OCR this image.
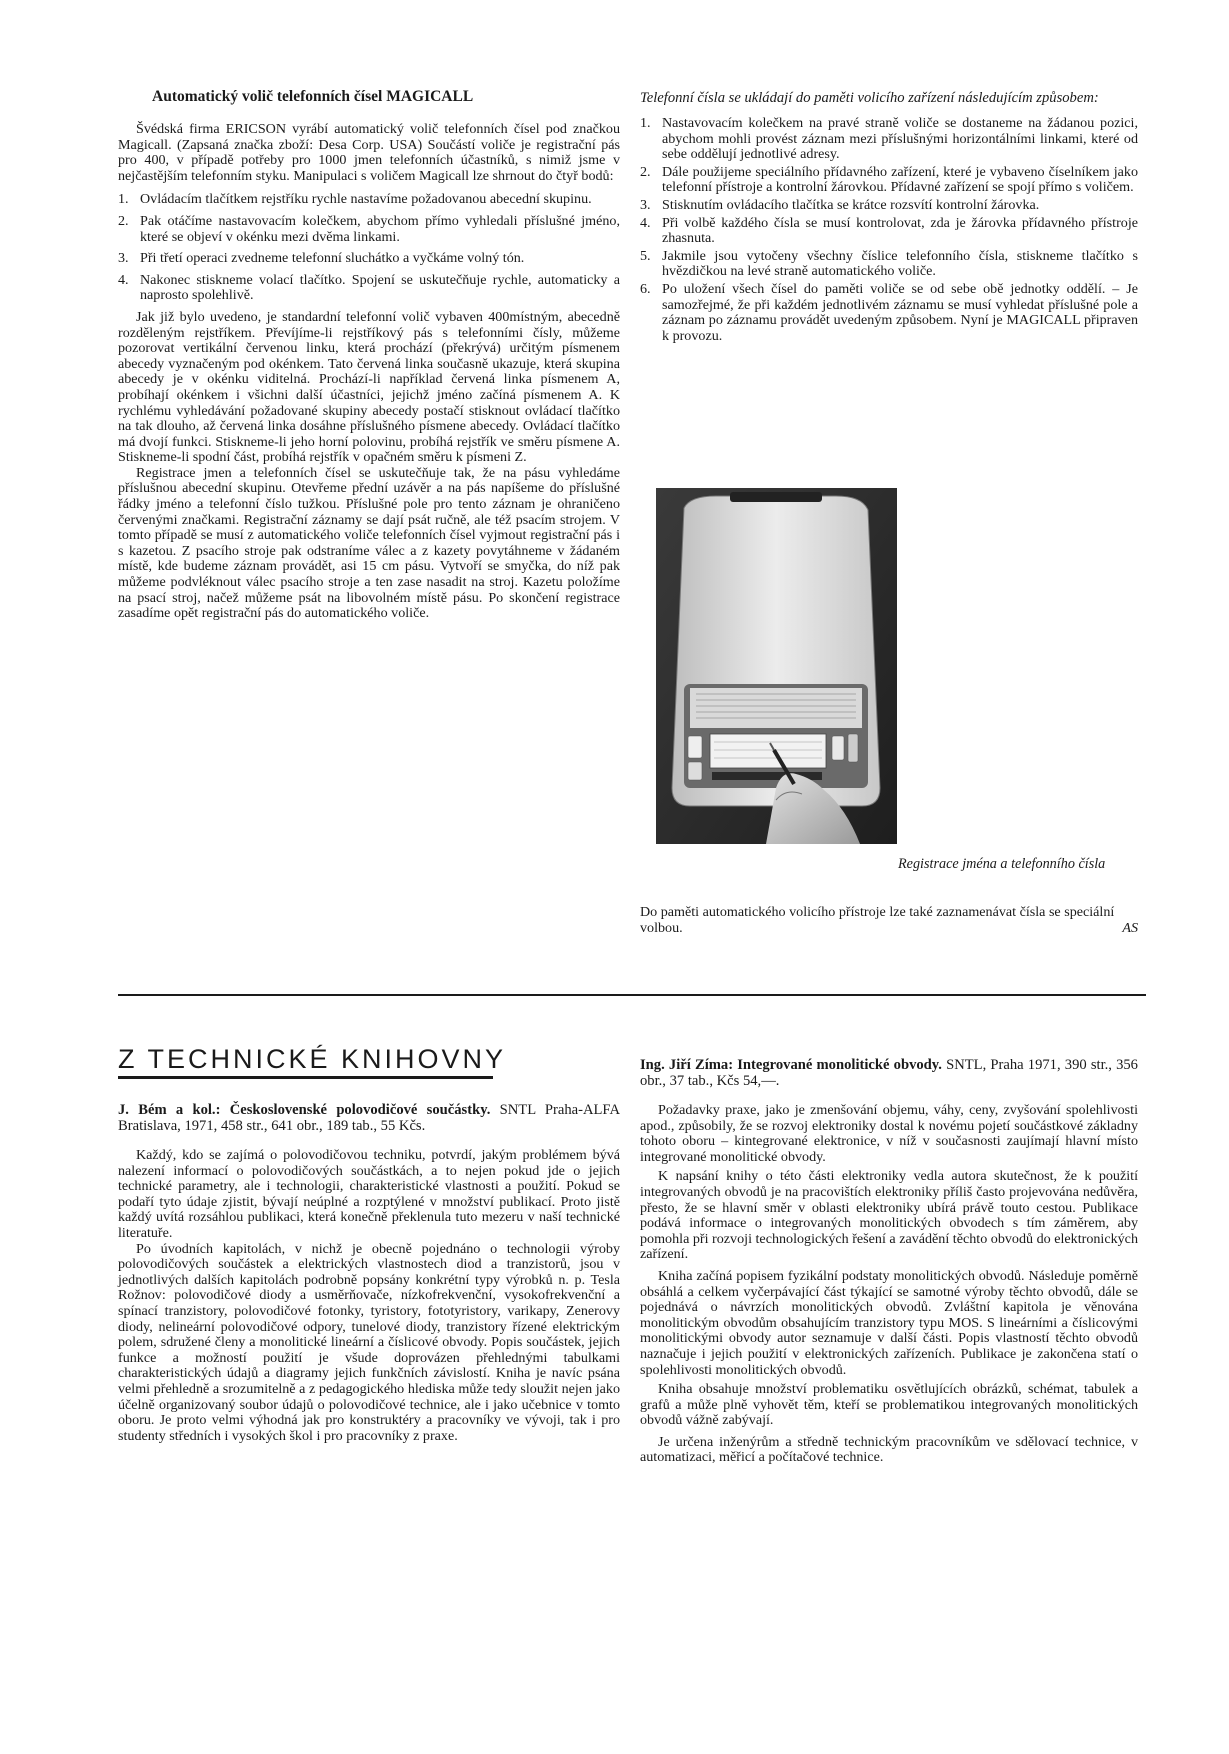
Automatický volič telefonních čísel MAGICALL

Švédská firma ERICSON vyrábí automatický volič telefonních čísel pod značkou Magicall. (Zapsaná značka zboží: Desa Corp. USA) Součástí voliče je registrační pás pro 400, v případě potřeby pro 1000 jmen telefonních účastníků, s nimiž jsme v nejčastějším telefonním styku. Manipulaci s voličem Magicall lze shrnout do čtyř bodů:

1. Ovládacím tlačítkem rejstříku rychle nastavíme požadovanou abecední skupinu.
2. Pak otáčíme nastavovacím kolečkem, abychom přímo vyhledali příslušné jméno, které se objeví v okénku mezi dvěma linkami.
3. Při třetí operaci zvedneme telefonní sluchátko a vyčkáme volný tón.
4. Nakonec stiskneme volací tlačítko. Spojení se uskutečňuje rychle, automaticky a naprosto spolehlivě.

Jak již bylo uvedeno, je standardní telefonní volič vybaven 400místným, abecedně rozděleným rejstříkem. Převíjíme-li rejstříkový pás s telefonními čísly, můžeme pozorovat vertikální červenou linku, která prochází (překrývá) určitým písmenem abecedy vyznačeným pod okénkem. Tato červená linka současně ukazuje, která skupina abecedy je v okénku viditelná. Prochází-li například červená linka písmenem A, probíhají okénkem i všichni další účastníci, jejichž jméno začíná písmenem A. K rychlému vyhledávání požadované skupiny abecedy postačí stisknout ovládací tlačítko na tak dlouho, až červená linka dosáhne příslušného písmene abecedy. Ovládací tlačítko má dvojí funkci. Stiskneme-li jeho horní polovinu, probíhá rejstřík ve směru písmene A. Stiskneme-li spodní část, probíhá rejstřík v opačném směru k písmeni Z.

Registrace jmen a telefonních čísel se uskutečňuje tak, že na pásu vyhledáme příslušnou abecední skupinu. Otevřeme přední uzávěr a na pás napíšeme do příslušné řádky jméno a telefonní číslo tužkou. Příslušné pole pro tento záznam je ohraničeno červenými značkami. Registrační záznamy se dají psát ručně, ale též psacím strojem. V tomto případě se musí z automatického voliče telefonních čísel vyjmout registrační pás i s kazetou. Z psacího stroje pak odstraníme válec a z kazety povytáhneme v žádaném místě, kde budeme záznam provádět, asi 15 cm pásu. Vytvoří se smyčka, do níž pak můžeme podvléknout válec psacího stroje a ten zase nasadit na stroj. Kazetu položíme na psací stroj, načež můžeme psát na libovolném místě pásu. Po skončení registrace zasadíme opět registrační pás do automatického voliče.

Telefonní čísla se ukládají do paměti volicího zařízení následujícím způsobem:
1. Nastavovacím kolečkem na pravé straně voliče se dostaneme na žádanou pozici, abychom mohli provést záznam mezi příslušnými horizontálními linkami, které od sebe oddělují jednotlivé adresy.
2. Dále použijeme speciálního přídavného zařízení, které je vybaveno číselníkem jako telefonní přístroje a kontrolní žárovkou. Přídavné zařízení se spojí přímo s voličem.
3. Stisknutím ovládacího tlačítka se krátce rozsvítí kontrolní žárovka.
4. Při volbě každého čísla se musí kontrolovat, zda je žárovka přídavného přístroje zhasnuta.
5. Jakmile jsou vytočeny všechny číslice telefonního čísla, stiskneme tlačítko s hvězdičkou na levé straně automatického voliče.
6. Po uložení všech čísel do paměti voliče se od sebe obě jednotky oddělí. – Je samozřejmé, že při každém jednotlivém záznamu se musí vyhledat příslušné pole a záznam po záznamu provádět uvedeným způsobem. Nyní je MAGICALL připraven k provozu.
Registrace jména a telefonního čísla
Do paměti automatického volicího přístroje lze také zaznamenávat čísla se speciální volbou.	AS
Z TECHNICKÉ KNIHOVNY
J. Bém a kol.: Československé polovodičové součástky. SNTL Praha-ALFA Bratislava, 1971, 458 str., 641 obr., 189 tab., 55 Kčs.

Každý, kdo se zajímá o polovodičovou techniku, potvrdí, jakým problémem bývá nalezení informací o polovodičových součástkách, a to nejen pokud jde o jejich technické parametry, ale i technologii, charakteristické vlastnosti a použití. Pokud se podaří tyto údaje zjistit, bývají neúplné a rozptýlené v množství publikací. Proto jistě každý uvítá rozsáhlou publikaci, která konečně překlenula tuto mezeru v naší technické literatuře.

Po úvodních kapitolách, v nichž je obecně pojednáno o technologii výroby polovodičových součástek a elektrických vlastnostech diod a tranzistorů, jsou v jednotlivých dalších kapitolách podrobně popsány konkrétní typy výrobků n. p. Tesla Rožnov: polovodičové diody a usměrňovače, nízkofrekvenční, vysokofrekvenční a spínací tranzistory, polovodičové fotonky, tyristory, fototyristory, varikapy, Zenerovy diody, nelineární polovodičové odpory, tunelové diody, tranzistory řízené elektrickým polem, sdružené členy a monolitické lineární a číslicové obvody. Popis součástek, jejich funkce a možností použití je všude doprovázen přehlednými tabulkami charakteristických údajů a diagramy jejich funkčních závislostí. Kniha je navíc psána velmi přehledně a srozumitelně a z pedagogického hlediska může tedy sloužit nejen jako účelně organizovaný soubor údajů o polovodičové technice, ale i jako učebnice v tomto oboru. Je proto velmi výhodná jak pro konstruktéry a pracovníky ve vývoji, tak i pro studenty středních i vysokých škol i pro pracovníky z praxe.

Ing. Jiří Zíma: Integrované monolitické obvody. SNTL, Praha 1971, 390 str., 356 obr., 37 tab., Kčs 54,—.

Požadavky praxe, jako je zmenšování objemu, váhy, ceny, zvyšování spolehlivosti apod., způsobily, že se rozvoj elektroniky dostal k novému pojetí součástkové základny tohoto oboru – kintegrované elektronice, v níž v současnosti zaujímají hlavní místo integrované monolitické obvody.

K napsání knihy o této části elektroniky vedla autora skutečnost, že k použití integrovaných obvodů je na pracovištích elektroniky příliš často projevována nedůvěra, přesto, že se hlavní směr v oblasti elektroniky ubírá právě touto cestou. Publikace podává informace o integrovaných monolitických obvodech s tím záměrem, aby pomohla při rozvoji technologických řešení a zavádění těchto obvodů do elektronických zařízení.

Kniha začíná popisem fyzikální podstaty monolitických obvodů. Následuje poměrně obsáhlá a celkem vyčerpávající část týkající se samotné výroby těchto obvodů, dále se pojednává o návrzích monolitických obvodů. Zvláštní kapitola je věnována monolitickým obvodům obsahujícím tranzistory typu MOS. S lineárními a číslicovými monolitickými obvody autor seznamuje v další části. Popis vlastností těchto obvodů naznačuje i jejich použití v elektronických zařízeních. Publikace je zakončena statí o spolehlivosti monolitických obvodů.

Kniha obsahuje množství problematiku osvětlujících obrázků, schémat, tabulek a grafů a může plně vyhovět těm, kteří se problematikou integrovaných monolitických obvodů vážně zabývají.

Je určena inženýrům a středně technickým pracovníkům ve sdělovací technice, v automatizaci, měřicí a počítačové technice.
